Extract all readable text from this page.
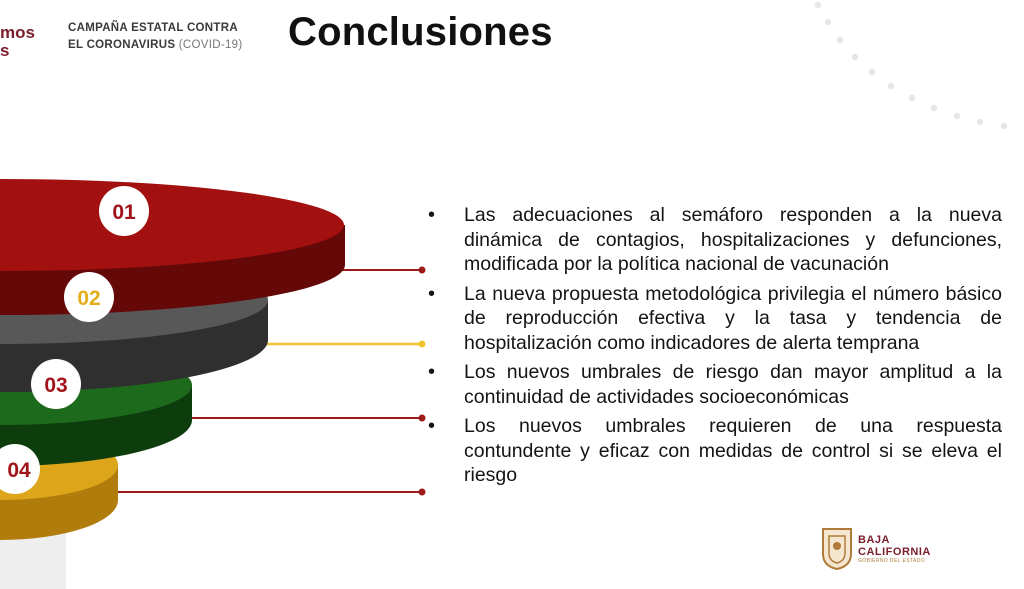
mos
s
CAMPAÑA ESTATAL CONTRA
EL CORONAVIRUS (COVID-19) Conclusiones
01
02
03
04
• Las adecuaciones al semáforo responden a la nueva dinámica de contagios, hospitalizaciones y defunciones, modificada por la política nacional de vacunación
• La nueva propuesta metodológica privilegia el número básico de reproducción efectiva y la tasa y tendencia de hospitalización como indicadores de alerta temprana
• Los nuevos umbrales de riesgo dan mayor amplitud a la continuidad de actividades socioeconómicas
• Los nuevos umbrales requieren de una respuesta contundente y eficaz con medidas de control si se eleva el riesgo
BAJA
CALIFORNIA
GOBIERNO DEL ESTADO
